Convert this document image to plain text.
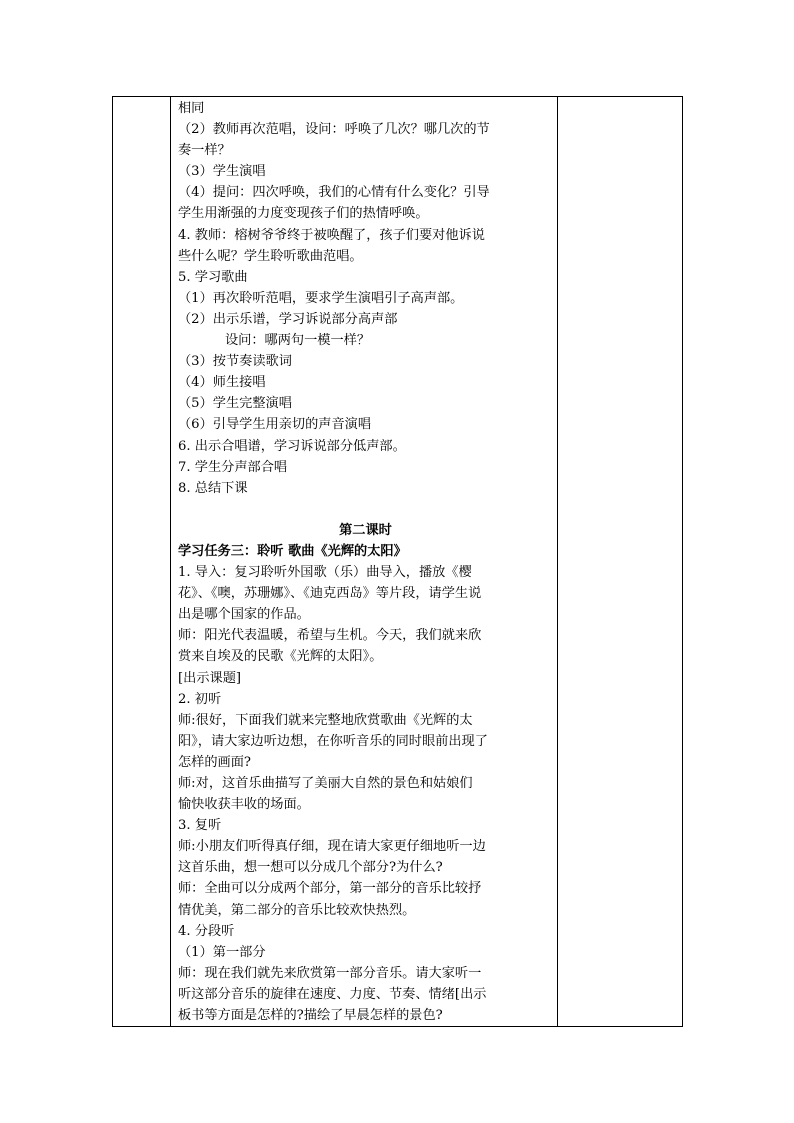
相同
（2）教师再次范唱，设问：呼唤了几次？哪几次的节
奏一样？
（3）学生演唱
（4）提问：四次呼唤，我们的心情有什么变化？引导
学生用渐强的力度变现孩子们的热情呼唤。
4. 教师：榕树爷爷终于被唤醒了，孩子们要对他诉说
些什么呢？学生聆听歌曲范唱。
5. 学习歌曲
（1）再次聆听范唱，要求学生演唱引子高声部。
（2）出示乐谱，学习诉说部分高声部
设问：哪两句一模一样？
（3）按节奏读歌词
（4）师生接唱
（5）学生完整演唱
（6）引导学生用亲切的声音演唱
6. 出示合唱谱，学习诉说部分低声部。
7. 学生分声部合唱
8. 总结下课
第二课时
学习任务三：聆听 歌曲《光辉的太阳》
1. 导入：复习聆听外国歌（乐）曲导入，播放《樱
花》、《噢，苏珊娜》、《迪克西岛》等片段，请学生说
出是哪个国家的作品。
师：阳光代表温暖，希望与生机。今天，我们就来欣
赏来自埃及的民歌《光辉的太阳》。
[出示课题]
2. 初听
师:很好，下面我们就来完整地欣赏歌曲《光辉的太
阳》，请大家边听边想，在你听音乐的同时眼前出现了
怎样的画面?
师:对，这首乐曲描写了美丽大自然的景色和姑娘们
愉快收获丰收的场面。
3. 复听
师:小朋友们听得真仔细，现在请大家更仔细地听一边
这首乐曲，想一想可以分成几个部分?为什么?
师：全曲可以分成两个部分，第一部分的音乐比较抒
情优美，第二部分的音乐比较欢快热烈。
4. 分段听
（1）第一部分
师：现在我们就先来欣赏第一部分音乐。请大家听一
听这部分音乐的旋律在速度、力度、节奏、情绪[出示
板书等方面是怎样的?描绘了早晨怎样的景色?
